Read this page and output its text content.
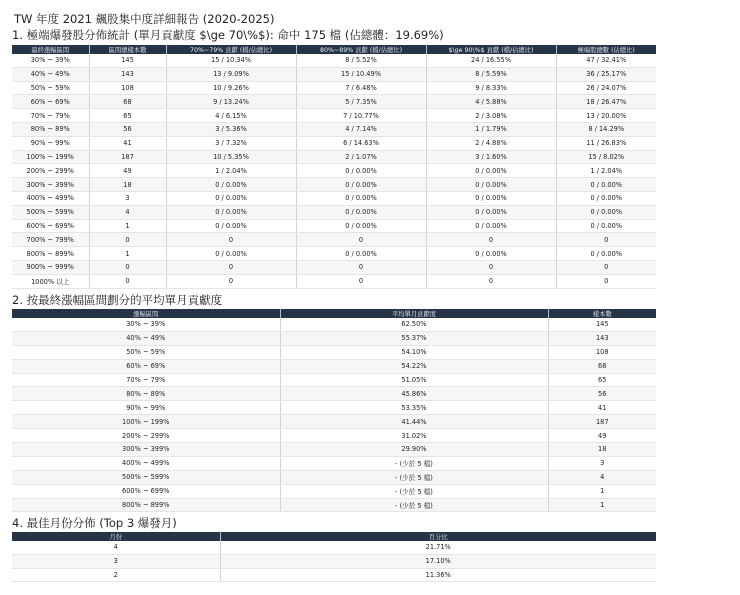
TW 年度 2021 飆股集中度詳細報告 (2020-2025)
1. 極端爆發股分佈統計 (單月貢獻度 $\ge 70\%$): 命中 175 檔 (佔總體：19.69%)
最終漲幅區間	區間總樣本數	70%~79% 貢獻 (檔/佔總比)	80%~89% 貢獻 (檔/佔總比)	$\ge 90\%$ 貢獻 (檔/佔總比)	極端股總數 (佔總比)
30% ~ 39%	145	15 / 10.34%	8 / 5.52%	24 / 16.55%	47 / 32.41%
40% ~ 49%	143	13 / 9.09%	15 / 10.49%	8 / 5.59%	36 / 25.17%
50% ~ 59%	108	10 / 9.26%	7 / 6.48%	9 / 8.33%	26 / 24.07%
60% ~ 69%	68	9 / 13.24%	5 / 7.35%	4 / 5.88%	18 / 26.47%
70% ~ 79%	65	4 / 6.15%	7 / 10.77%	2 / 3.08%	13 / 20.00%
80% ~ 89%	56	3 / 5.36%	4 / 7.14%	1 / 1.79%	8 / 14.29%
90% ~ 99%	41	3 / 7.32%	6 / 14.63%	2 / 4.88%	11 / 26.83%
100% ~ 199%	187	10 / 5.35%	2 / 1.07%	3 / 1.60%	15 / 8.02%
200% ~ 299%	49	1 / 2.04%	0 / 0.00%	0 / 0.00%	1 / 2.04%
300% ~ 399%	18	0 / 0.00%	0 / 0.00%	0 / 0.00%	0 / 0.00%
400% ~ 499%	3	0 / 0.00%	0 / 0.00%	0 / 0.00%	0 / 0.00%
500% ~ 599%	4	0 / 0.00%	0 / 0.00%	0 / 0.00%	0 / 0.00%
600% ~ 699%	1	0 / 0.00%	0 / 0.00%	0 / 0.00%	0 / 0.00%
700% ~ 799%	0	0	0	0	0
800% ~ 899%	1	0 / 0.00%	0 / 0.00%	0 / 0.00%	0 / 0.00%
900% ~ 999%	0	0	0	0	0
1000% 以上	0	0	0	0	0
2. 按最終漲幅區間劃分的平均單月貢獻度
漲幅區間	平均單月貢獻度	樣本數
30% ~ 39%	62.50%	145
40% ~ 49%	55.37%	143
50% ~ 59%	54.10%	108
60% ~ 69%	54.22%	68
70% ~ 79%	51.05%	65
80% ~ 89%	45.86%	56
90% ~ 99%	53.35%	41
100% ~ 199%	41.44%	187
200% ~ 299%	31.02%	49
300% ~ 399%	29.90%	18
400% ~ 499%	- (少於 5 檔)	3
500% ~ 599%	- (少於 5 檔)	4
600% ~ 699%	- (少於 5 檔)	1
800% ~ 899%	- (少於 5 檔)	1
4. 最佳月份分佈 (Top 3 爆發月)
月份	百分比
4	21.71%
3	17.10%
2	11.36%
